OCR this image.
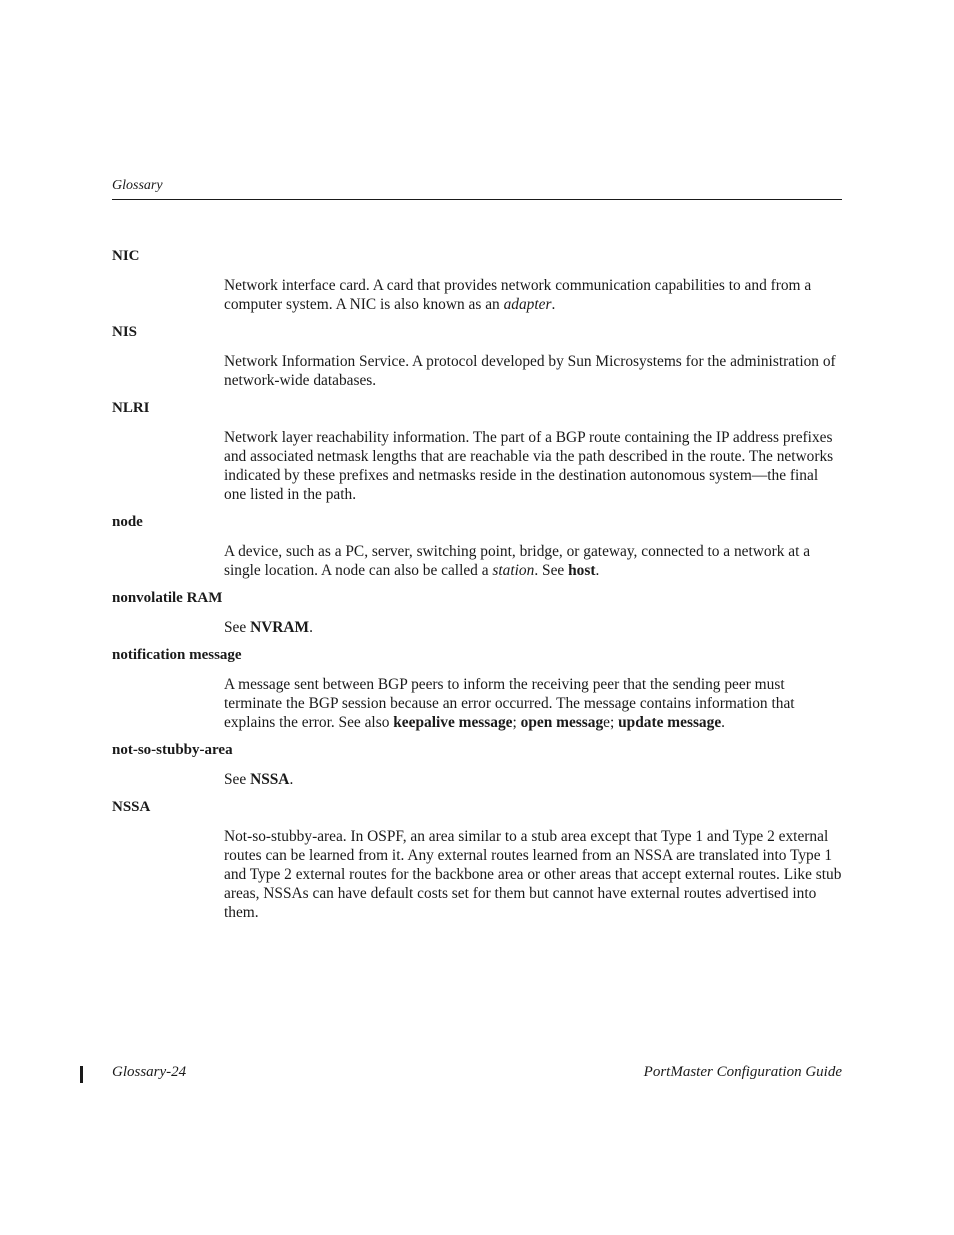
Glossary
NIC
Network interface card. A card that provides network communication capabilities to and from a computer system. A NIC is also known as an adapter.
NIS
Network Information Service. A protocol developed by Sun Microsystems for the administration of network-wide databases.
NLRI
Network layer reachability information. The part of a BGP route containing the IP address prefixes and associated netmask lengths that are reachable via the path described in the route. The networks indicated by these prefixes and netmasks reside in the destination autonomous system—the final one listed in the path.
node
A device, such as a PC, server, switching point, bridge, or gateway, connected to a network at a single location. A node can also be called a station. See host.
nonvolatile RAM
See NVRAM.
notification message
A message sent between BGP peers to inform the receiving peer that the sending peer must terminate the BGP session because an error occurred. The message contains information that explains the error. See also keepalive message; open message; update message.
not-so-stubby-area
See NSSA.
NSSA
Not-so-stubby-area. In OSPF, an area similar to a stub area except that Type 1 and Type 2 external routes can be learned from it. Any external routes learned from an NSSA are translated into Type 1 and Type 2 external routes for the backbone area or other areas that accept external routes. Like stub areas, NSSAs can have default costs set for them but cannot have external routes advertised into them.
Glossary-24	PortMaster Configuration Guide
